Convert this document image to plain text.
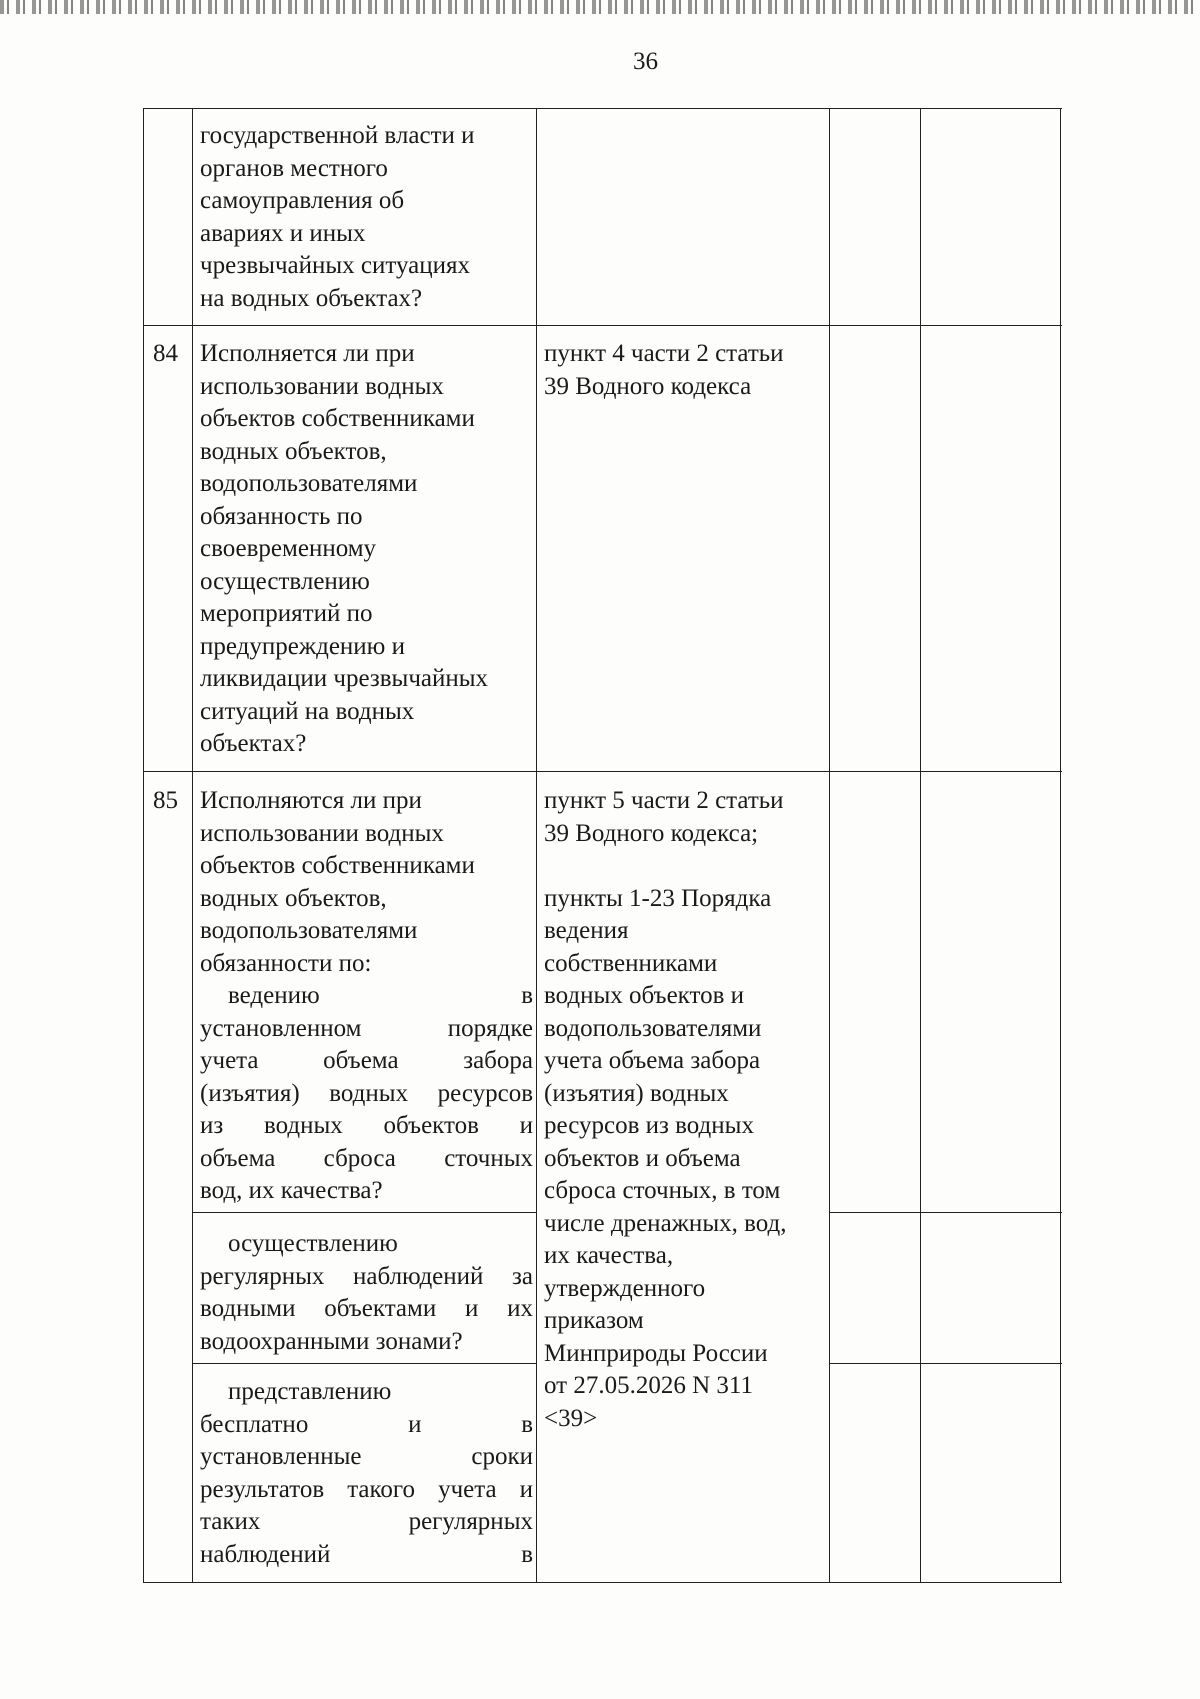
36
государственной власти и
органов местного
самоуправления об
авариях и иных
чрезвычайных ситуациях
на водных объектах?
84 Исполняется ли при
использовании водных
объектов собственниками
водных объектов,
водопользователями
обязанность по
своевременному
осуществлению
мероприятий по
предупреждению и
ликвидации чрезвычайных
ситуаций на водных
объектах?
пункт 4 части 2 статьи
39 Водного кодекса
85 Исполняются ли при
использовании водных
объектов собственниками
водных объектов,
водопользователями
обязанности по:
ведению в
установленном порядке
учета объема забора
(изъятия) водных ресурсов
из водных объектов и
объема сброса сточных
вод, их качества?
осуществлению
регулярных наблюдений за
водными объектами и их
водоохранными зонами?
представлению
бесплатно и в
установленные сроки
результатов такого учета и
таких регулярных
наблюдений в
пункт 5 части 2 статьи
39 Водного кодекса;
пункты 1-23 Порядка
ведения
собственниками
водных объектов и
водопользователями
учета объема забора
(изъятия) водных
ресурсов из водных
объектов и объема
сброса сточных, в том
числе дренажных, вод,
их качества,
утвержденного
приказом
Минприроды России
от 27.05.2026 N 311
<39>
